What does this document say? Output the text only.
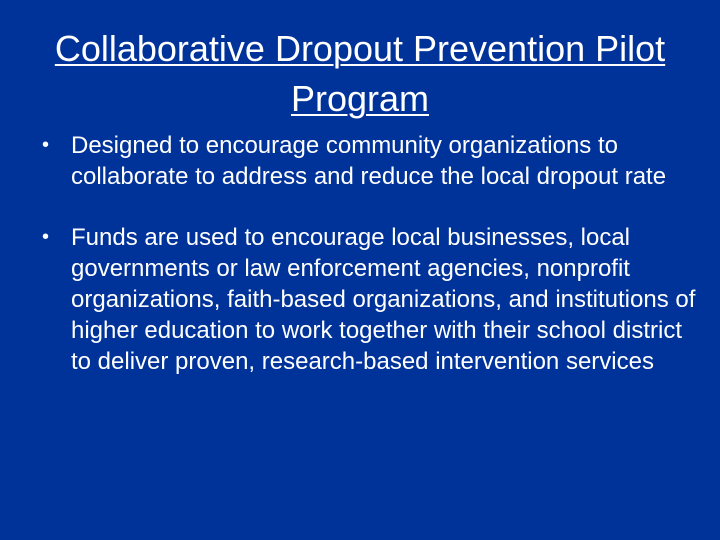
Collaborative Dropout Prevention Pilot Program
• Designed to encourage community organizations to collaborate to address and reduce the local dropout rate
• Funds are used to encourage local businesses, local governments or law enforcement agencies, nonprofit organizations, faith-based organizations, and institutions of higher education to work together with their school district to deliver proven, research-based intervention services
